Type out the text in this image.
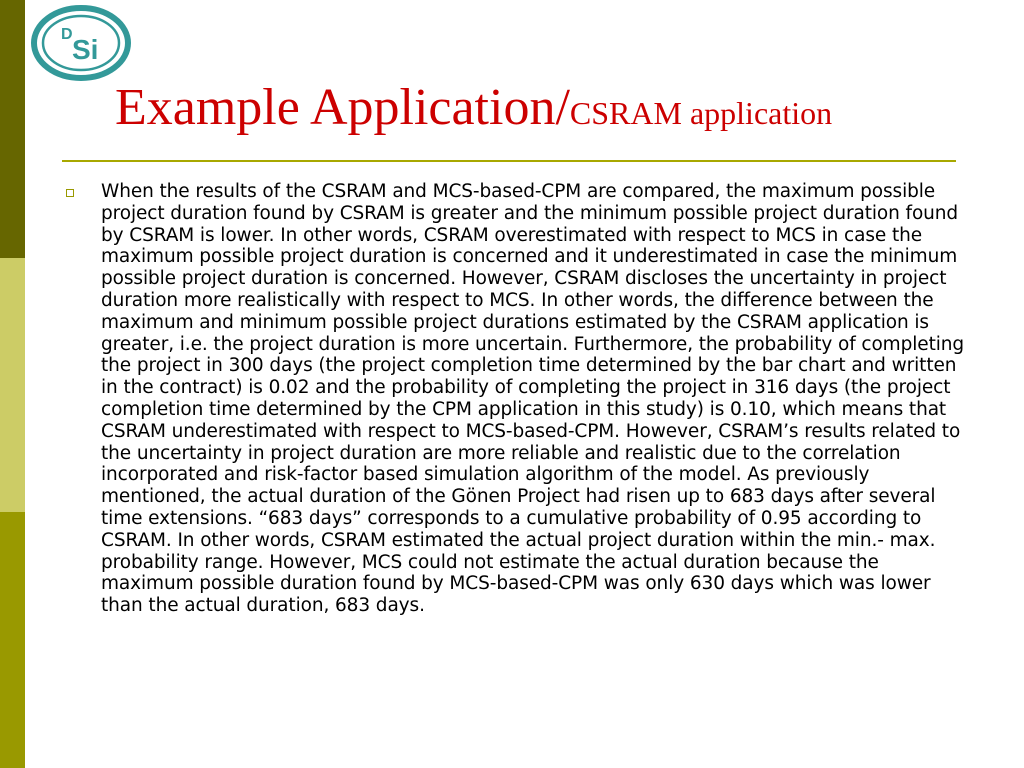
D Si
Example Application/CSRAM application

When the results of the CSRAM and MCS-based-CPM are compared, the maximum possible project duration found by CSRAM is greater and the minimum possible project duration found by CSRAM is lower. In other words, CSRAM overestimated with respect to MCS in case the maximum possible project duration is concerned and it underestimated in case the minimum possible project duration is concerned. However, CSRAM discloses the uncertainty in project duration more realistically with respect to MCS. In other words, the difference between the maximum and minimum possible project durations estimated by the CSRAM application is greater, i.e. the project duration is more uncertain. Furthermore, the probability of completing the project in 300 days (the project completion time determined by the bar chart and written in the contract) is 0.02 and the probability of completing the project in 316 days (the project completion time determined by the CPM application in this study) is 0.10, which means that CSRAM underestimated with respect to MCS-based-CPM. However, CSRAM’s results related to the uncertainty in project duration are more reliable and realistic due to the correlation incorporated and risk-factor based simulation algorithm of the model. As previously mentioned, the actual duration of the Gönen Project had risen up to 683 days after several time extensions. “683 days” corresponds to a cumulative probability of 0.95 according to CSRAM. In other words, CSRAM estimated the actual project duration within the min.- max. probability range. However, MCS could not estimate the actual duration because the maximum possible duration found by MCS-based-CPM was only 630 days which was lower than the actual duration, 683 days.
